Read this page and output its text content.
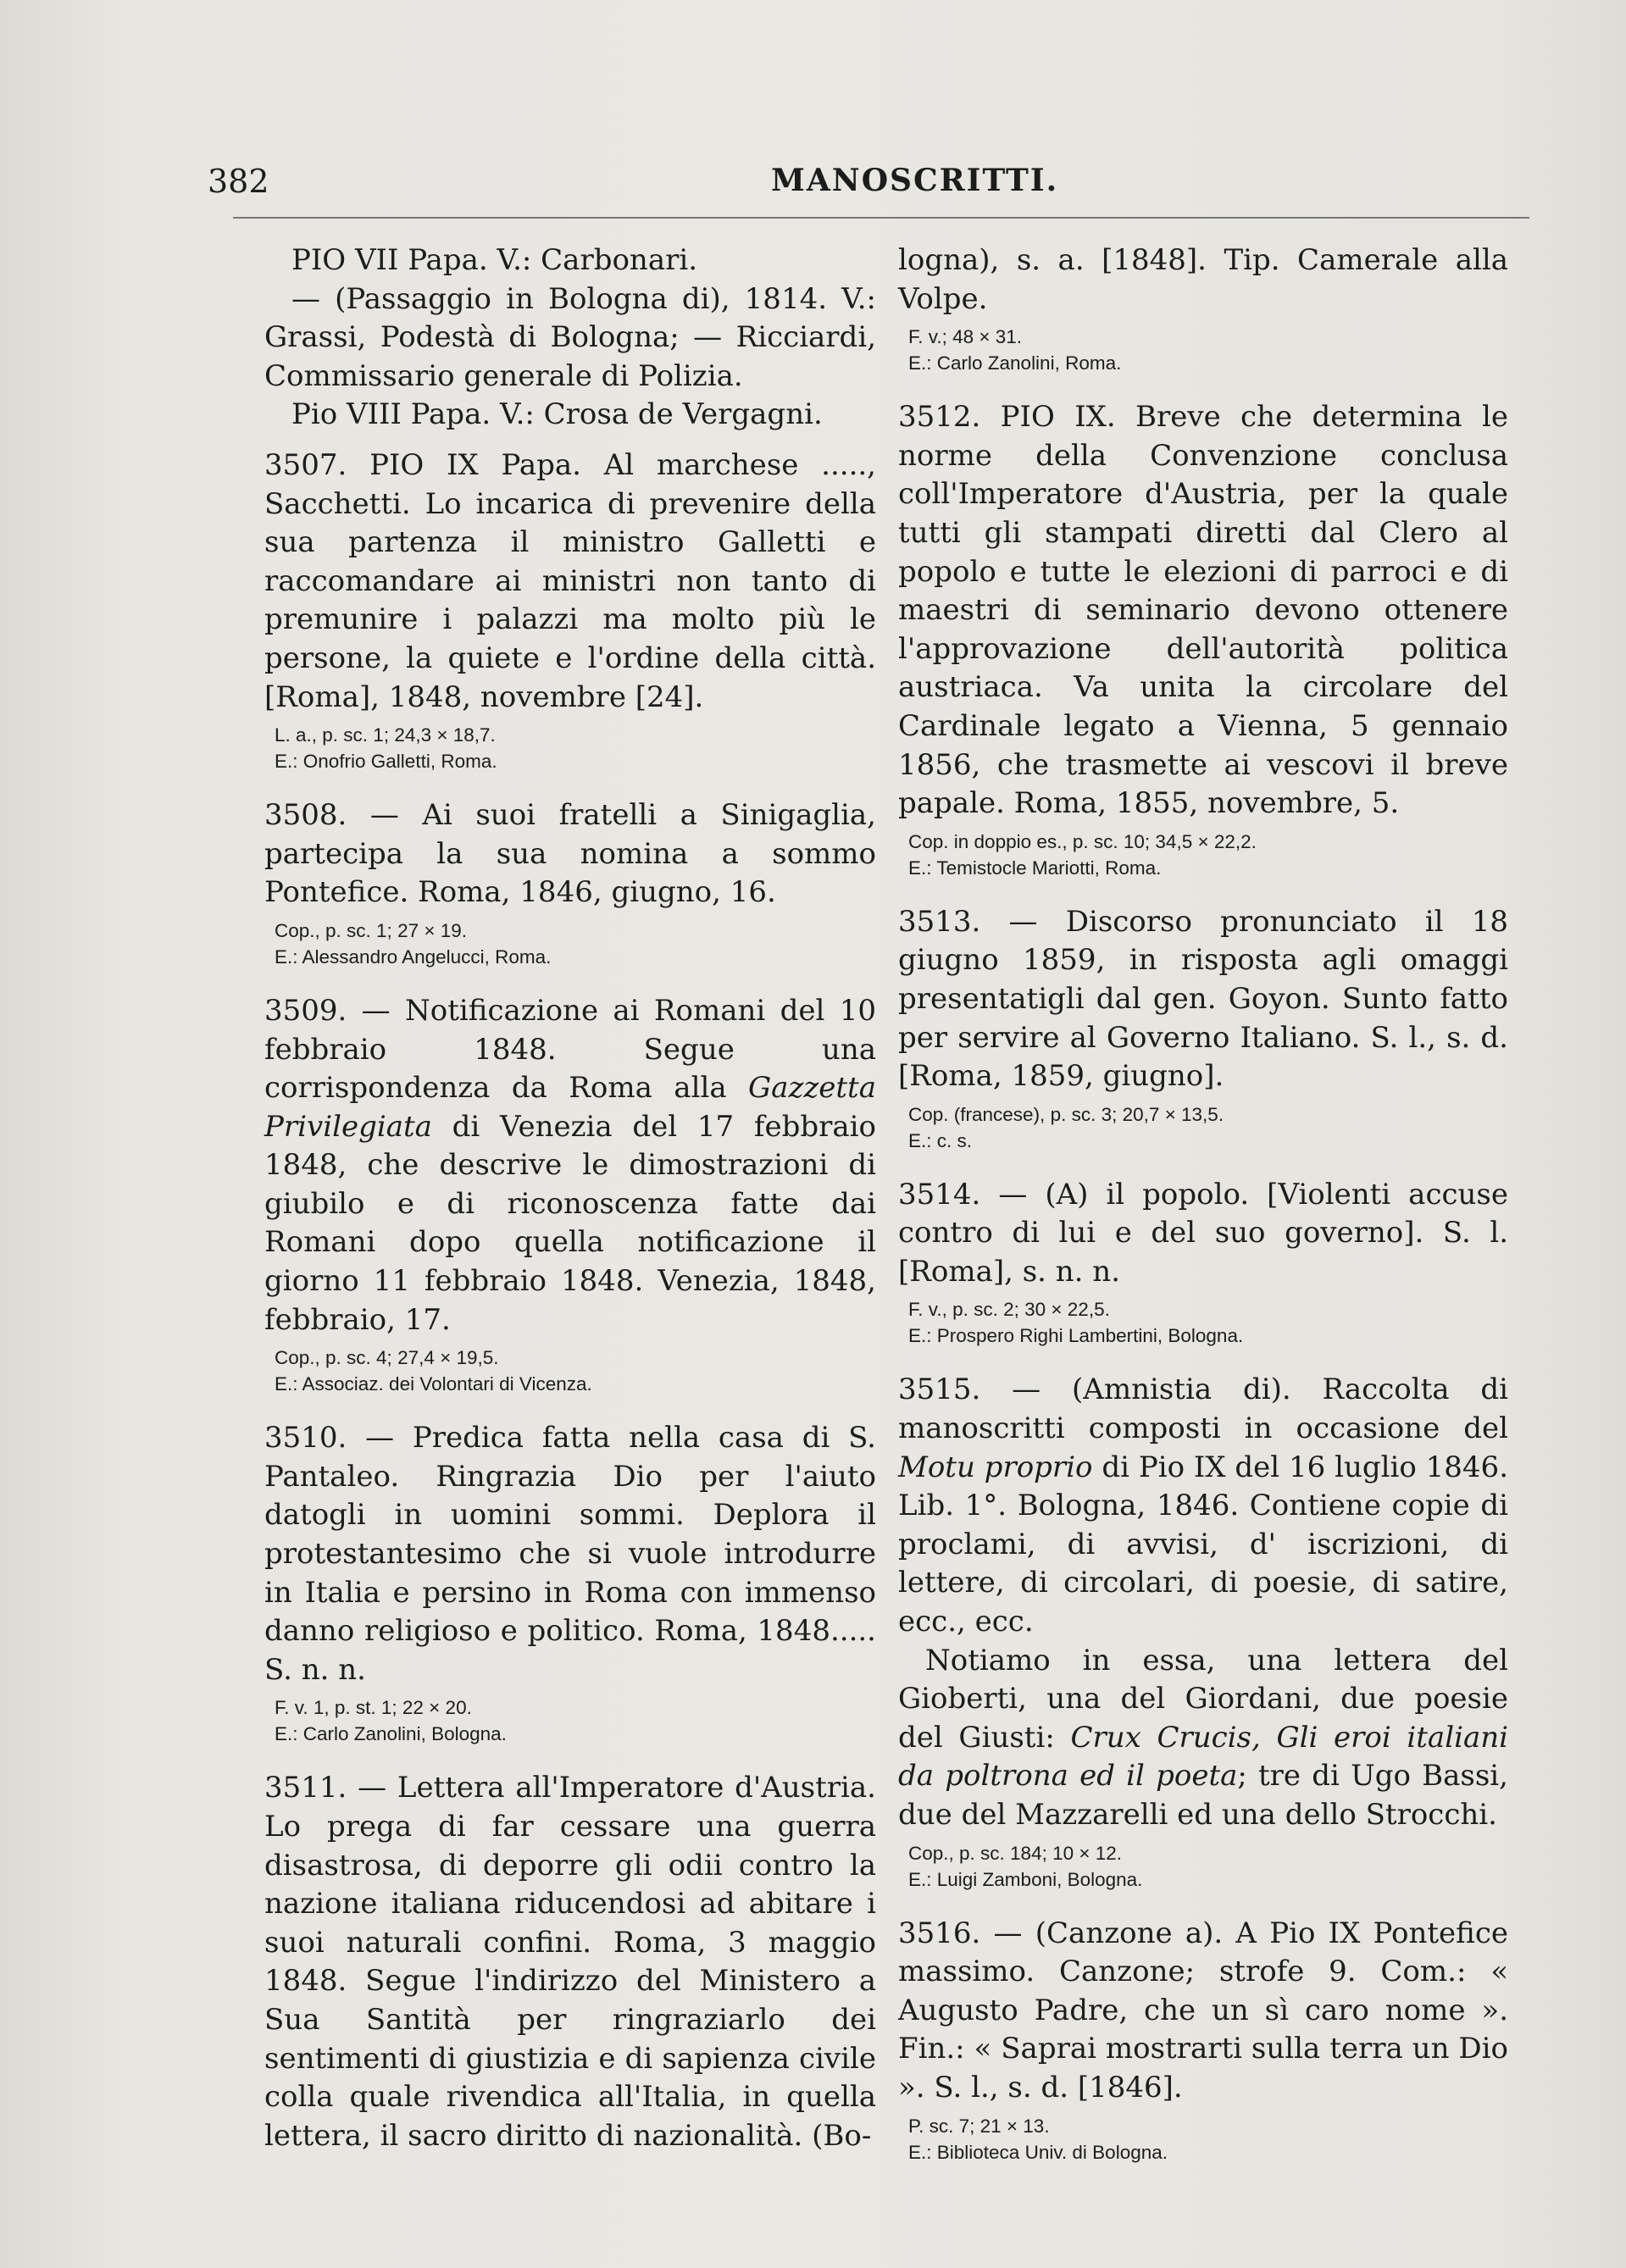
382	MANOSCRITTI.

PIO VII Papa. V.: Carbonari.

— (Passaggio in Bologna di), 1814. V.: Grassi, Podestà di Bologna; — Ricciardi, Commissario generale di Polizia.

Pio VIII Papa. V.: Crosa de Vergagni.

3507. PIO IX Papa. Al marchese ....., Sacchetti. Lo incarica di prevenire della sua partenza il ministro Galletti e raccomandare ai ministri non tanto di premunire i palazzi ma molto più le persone, la quiete e l'ordine della città. [Roma], 1848, novembre [24].

L. a., p. sc. 1; 24,3 × 18,7.

E.: Onofrio Galletti, Roma.

3508. — Ai suoi fratelli a Sinigaglia, partecipa la sua nomina a sommo Pontefice. Roma, 1846, giugno, 16.

Cop., p. sc. 1; 27 × 19.

E.: Alessandro Angelucci, Roma.

3509. — Notificazione ai Romani del 10 febbraio 1848. Segue una corrispondenza da Roma alla Gazzetta Privilegiata di Venezia del 17 febbraio 1848, che descrive le dimostrazioni di giubilo e di riconoscenza fatte dai Romani dopo quella notificazione il giorno 11 febbraio 1848. Venezia, 1848, febbraio, 17.

Cop., p. sc. 4; 27,4 × 19,5.

E.: Associaz. dei Volontari di Vicenza.

3510. — Predica fatta nella casa di S. Pantaleo. Ringrazia Dio per l'aiuto datogli in uomini sommi. Deplora il protestantesimo che si vuole introdurre in Italia e persino in Roma con immenso danno religioso e politico. Roma, 1848..... S. n. n.

F. v. 1, p. st. 1; 22 × 20.

E.: Carlo Zanolini, Bologna.

3511. — Lettera all'Imperatore d'Austria. Lo prega di far cessare una guerra disastrosa, di deporre gli odii contro la nazione italiana riducendosi ad abitare i suoi naturali confini. Roma, 3 maggio 1848. Segue l'indirizzo del Ministero a Sua Santità per ringraziarlo dei sentimenti di giustizia e di sapienza civile colla quale rivendica all'Italia, in quella lettera, il sacro diritto di nazionalità. (Bo-

logna), s. a. [1848]. Tip. Camerale alla Volpe.

F. v.; 48 × 31.

E.: Carlo Zanolini, Roma.

3512. PIO IX. Breve che determina le norme della Convenzione conclusa coll'Imperatore d'Austria, per la quale tutti gli stampati diretti dal Clero al popolo e tutte le elezioni di parroci e di maestri di seminario devono ottenere l'approvazione dell'autorità politica austriaca. Va unita la circolare del Cardinale legato a Vienna, 5 gennaio 1856, che trasmette ai vescovi il breve papale. Roma, 1855, novembre, 5.

Cop. in doppio es., p. sc. 10; 34,5 × 22,2.

E.: Temistocle Mariotti, Roma.

3513. — Discorso pronunciato il 18 giugno 1859, in risposta agli omaggi presentatigli dal gen. Goyon. Sunto fatto per servire al Governo Italiano. S. l., s. d. [Roma, 1859, giugno].

Cop. (francese), p. sc. 3; 20,7 × 13,5.

E.: c. s.

3514. — (A) il popolo. [Violenti accuse contro di lui e del suo governo]. S. l. [Roma], s. n. n.

F. v., p. sc. 2; 30 × 22,5.

E.: Prospero Righi Lambertini, Bologna.

3515. — (Amnistia di). Raccolta di manoscritti composti in occasione del Motu proprio di Pio IX del 16 luglio 1846. Lib. 1°. Bologna, 1846. Contiene copie di proclami, di avvisi, d' iscrizioni, di lettere, di circolari, di poesie, di satire, ecc., ecc.

Notiamo in essa, una lettera del Gioberti, una del Giordani, due poesie del Giusti: Crux Crucis, Gli eroi italiani da poltrona ed il poeta; tre di Ugo Bassi, due del Mazzarelli ed una dello Strocchi.

Cop., p. sc. 184; 10 × 12.

E.: Luigi Zamboni, Bologna.

3516. — (Canzone a). A Pio IX Pontefice massimo. Canzone; strofe 9. Com.: « Augusto Padre, che un sì caro nome ». Fin.: « Saprai mostrarti sulla terra un Dio ». S. l., s. d. [1846].

P. sc. 7; 21 × 13.

E.: Biblioteca Univ. di Bologna.
